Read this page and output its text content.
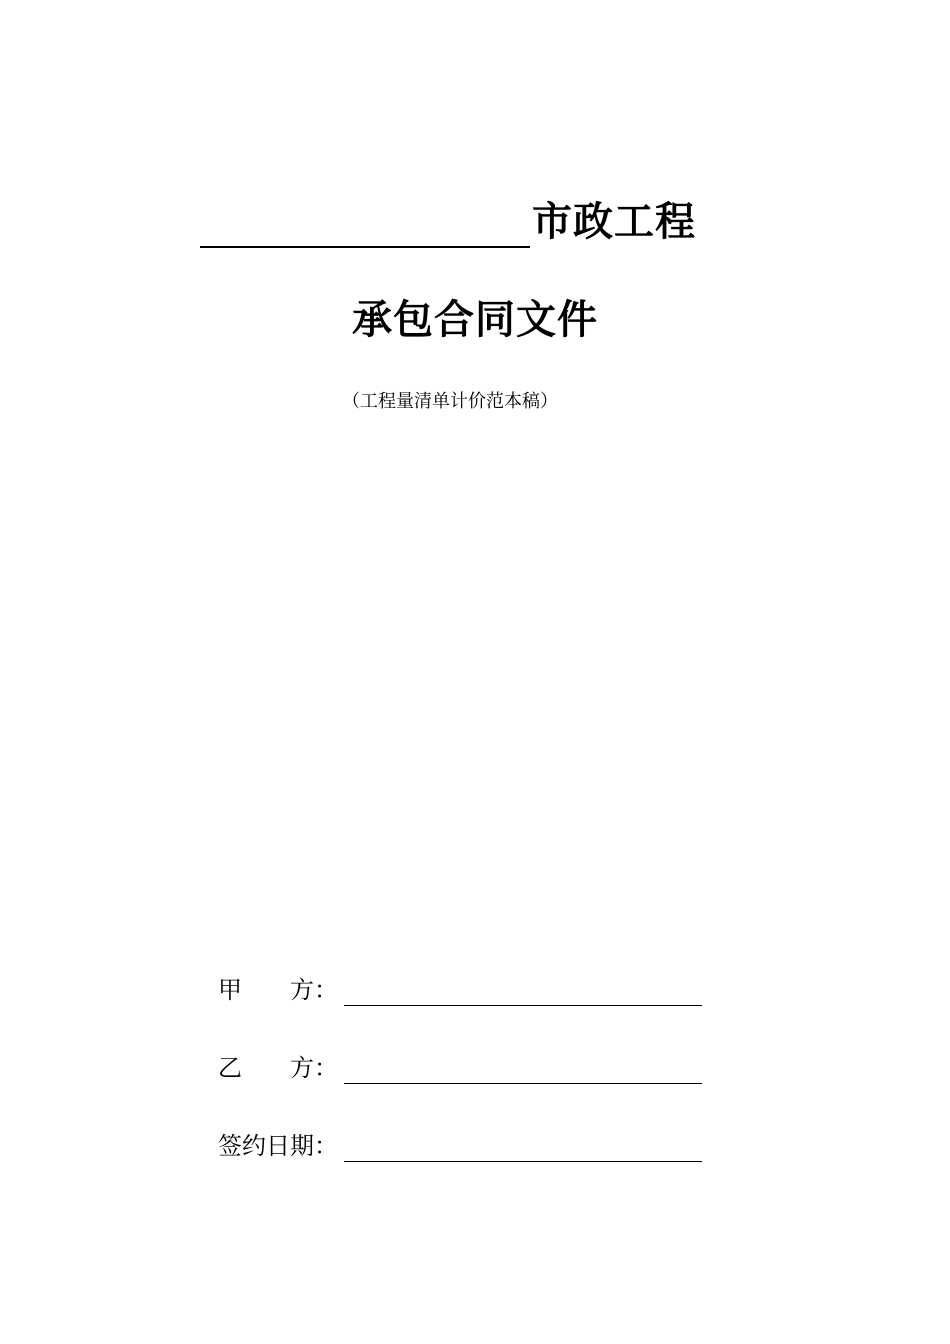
市政工程
承包合同文件
（工程量清单计价范本稿）
甲　　方：
乙　　方：
签约日期：
